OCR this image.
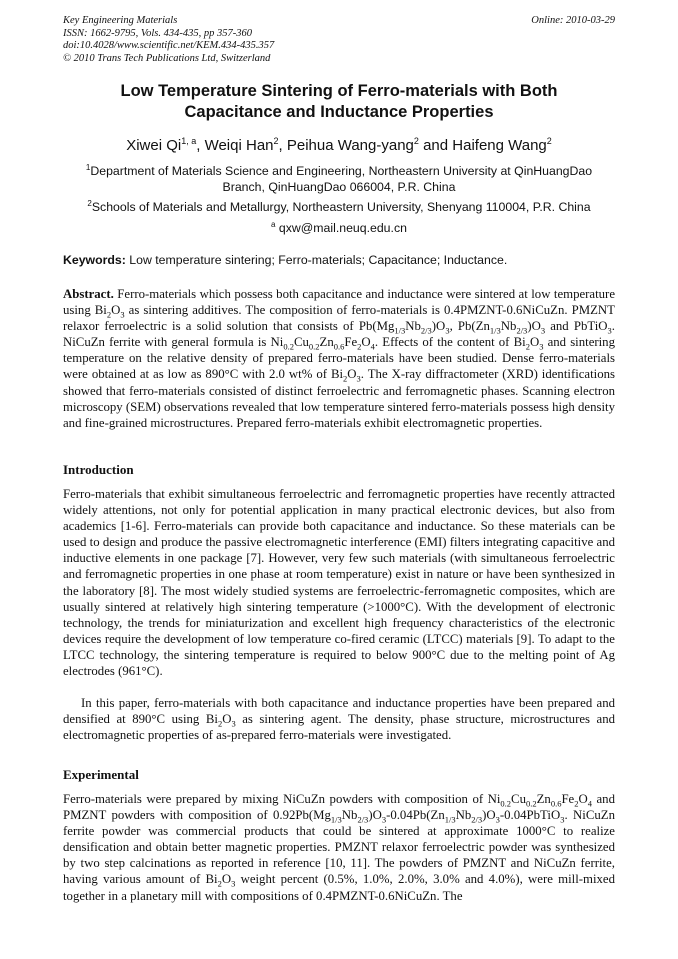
Key Engineering Materials
ISSN: 1662-9795, Vols. 434-435, pp 357-360
doi:10.4028/www.scientific.net/KEM.434-435.357
© 2010 Trans Tech Publications Ltd, Switzerland
Online: 2010-03-29
Low Temperature Sintering of Ferro-materials with Both
Capacitance and Inductance Properties
Xiwei Qi$^{1, a}$, Weiqi Han$^2$, Peihua Wang-yang$^2$ and Haifeng Wang$^2$
$^1$Department of Materials Science and Engineering, Northeastern University at QinHuangDao
Branch, QinHuangDao 066004, P.R. China
$^2$Schools of Materials and Metallurgy, Northeastern University, Shenyang 110004, P.R. China
$^a$ qxw@mail.neuq.edu.cn
Keywords: Low temperature sintering; Ferro-materials; Capacitance; Inductance.
Abstract. Ferro-materials which possess both capacitance and inductance were sintered at low temperature using $Bi_2O_3$ as sintering additives. The composition of ferro-materials is 0.4PMZNT-0.6NiCuZn. PMZNT relaxor ferroelectric is a solid solution that consists of $Pb(Mg_{1/3}Nb_{2/3})O_3$, $Pb(Zn_{1/3}Nb_{2/3})O_3$ and PbTiO$_3$. NiCuZn ferrite with general formula is $Ni_{0.2}Cu_{0.2}Zn_{0.6}Fe_2O_4$. Effects of the content of $Bi_2O_3$ and sintering temperature on the relative density of prepared ferro-materials have been studied. Dense ferro-materials were obtained at as low as 890°C with 2.0 wt% of $Bi_2O_3$. The X-ray diffractometer (XRD) identifications showed that ferro-materials consisted of distinct ferroelectric and ferromagnetic phases. Scanning electron microscopy (SEM) observations revealed that low temperature sintered ferro-materials possess high density and fine-grained microstructures. Prepared ferro-materials exhibit electromagnetic properties.
Introduction
Ferro-materials that exhibit simultaneous ferroelectric and ferromagnetic properties have recently attracted widely attentions, not only for potential application in many practical electronic devices, but also from academics [1-6]. Ferro-materials can provide both capacitance and inductance. So these materials can be used to design and produce the passive electromagnetic interference (EMI) filters integrating capacitive and inductive elements in one package [7]. However, very few such materials (with simultaneous ferroelectric and ferromagnetic properties in one phase at room temperature) exist in nature or have been synthesized in the laboratory [8]. The most widely studied systems are ferroelectric-ferromagnetic composites, which are usually sintered at relatively high sintering temperature (>1000°C). With the development of electronic technology, the trends for miniaturization and excellent high frequency characteristics of the electronic devices require the development of low temperature co-fired ceramic (LTCC) materials [9]. To adapt to the LTCC technology, the sintering temperature is required to below 900°C due to the melting point of Ag electrodes (961°C).
In this paper, ferro-materials with both capacitance and inductance properties have been prepared and densified at 890°C using $Bi_2O_3$ as sintering agent. The density, phase structure, microstructures and electromagnetic properties of as-prepared ferro-materials were investigated.
Experimental
Ferro-materials were prepared by mixing NiCuZn powders with composition of $Ni_{0.2}Cu_{0.2}Zn_{0.6}Fe_2O_4$ and PMZNT powders with composition of $0.92Pb(Mg_{1/3}Nb_{2/3})O_3-0.04Pb(Zn_{1/3}Nb_{2/3})O_3-0.04PbTiO_3$. NiCuZn ferrite powder was commercial products that could be sintered at approximate 1000°C to realize densification and obtain better magnetic properties. PMZNT relaxor ferroelectric powder was synthesized by two step calcinations as reported in reference [10, 11]. The powders of PMZNT and NiCuZn ferrite, having various amount of $Bi_2O_3$ weight percent (0.5%, 1.0%, 2.0%, 3.0% and 4.0%), were mill-mixed together in a planetary mill with compositions of 0.4PMZNT-0.6NiCuZn. The
